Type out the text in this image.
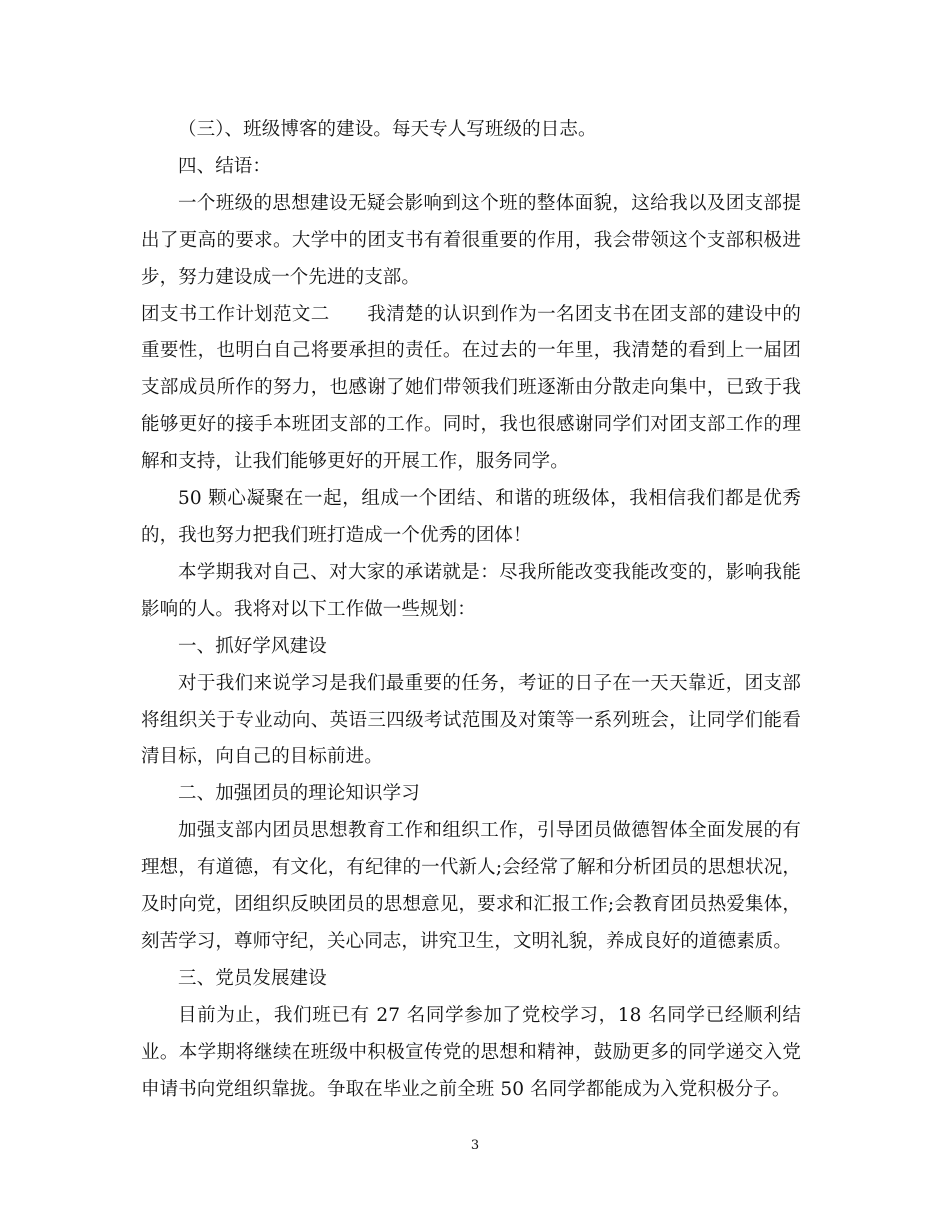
（三）、班级博客的建设。每天专人写班级的日志。

四、结语：

一个班级的思想建设无疑会影响到这个班的整体面貌，这给我以及团支部提出了更高的要求。大学中的团支书有着很重要的作用，我会带领这个支部积极进步，努力建设成一个先进的支部。

团支书工作计划范文二　　我清楚的认识到作为一名团支书在团支部的建设中的重要性，也明白自己将要承担的责任。在过去的一年里，我清楚的看到上一届团支部成员所作的努力，也感谢了她们带领我们班逐渐由分散走向集中，已致于我能够更好的接手本班团支部的工作。同时，我也很感谢同学们对团支部工作的理解和支持，让我们能够更好的开展工作，服务同学。

50 颗心凝聚在一起，组成一个团结、和谐的班级体，我相信我们都是优秀的，我也努力把我们班打造成一个优秀的团体！

本学期我对自己、对大家的承诺就是：尽我所能改变我能改变的，影响我能影响的人。我将对以下工作做一些规划：

一、抓好学风建设

对于我们来说学习是我们最重要的任务，考证的日子在一天天靠近，团支部将组织关于专业动向、英语三四级考试范围及对策等一系列班会，让同学们能看清目标，向自己的目标前进。

二、加强团员的理论知识学习

加强支部内团员思想教育工作和组织工作，引导团员做德智体全面发展的有理想，有道德，有文化，有纪律的一代新人;会经常了解和分析团员的思想状况，及时向党，团组织反映团员的思想意见，要求和汇报工作;会教育团员热爱集体，刻苦学习，尊师守纪，关心同志，讲究卫生，文明礼貌，养成良好的道德素质。

三、党员发展建设

目前为止，我们班已有 27 名同学参加了党校学习，18 名同学已经顺利结业。本学期将继续在班级中积极宣传党的思想和精神，鼓励更多的同学递交入党申请书向党组织靠拢。争取在毕业之前全班 50 名同学都能成为入党积极分子。

3
